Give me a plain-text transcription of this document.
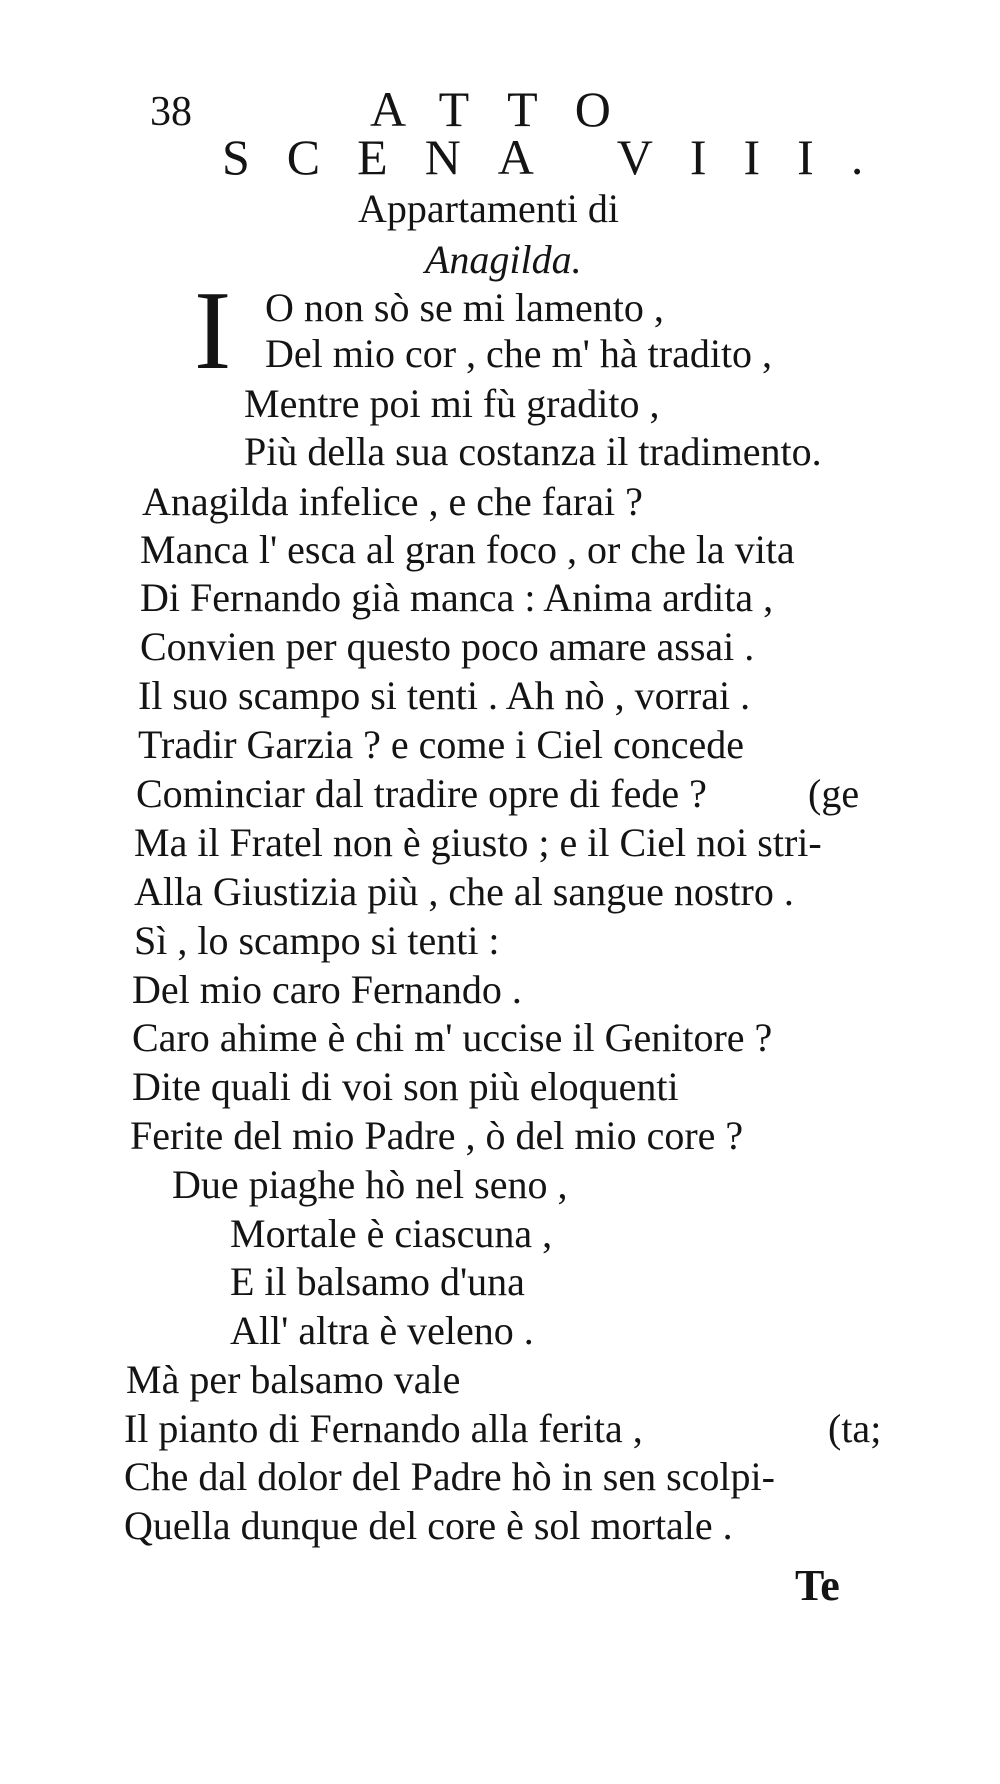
38	ATTO
SCENA VIII.
Appartamenti di
Anagilda.
I O non sò se mi lamento ,
Del mio cor , che m' hà tradito ,
Mentre poi mi fù gradito ,
Più della sua costanza il tradimento.
Anagilda infelice , e che farai ?
Manca l' esca al gran foco , or che la vita
Di Fernando già manca : Anima ardita ,
Convien per questo poco amare assai .
Il suo scampo si tenti . Ah nò , vorrai .
Tradir Garzia ? e come i Ciel concede
Cominciar dal tradire opre di fede ?	(ge
Ma il Fratel non è giusto ; e il Ciel noi stri-
Alla Giustizia più , che al sangue nostro .
Sì , lo scampo si tenti :
Del mio caro Fernando .
Caro ahime è chi m' uccise il Genitore ?
Dite quali di voi son più eloquenti
Ferite del mio Padre , ò del mio core ?
Due piaghe hò nel seno ,
Mortale è ciascuna ,
E il balsamo d'una
All' altra è veleno .
Mà per balsamo vale
Il pianto di Fernando alla ferita ,	(ta;
Che dal dolor del Padre hò in sen scolpi-
Quella dunque del core è sol mortale .
Te
